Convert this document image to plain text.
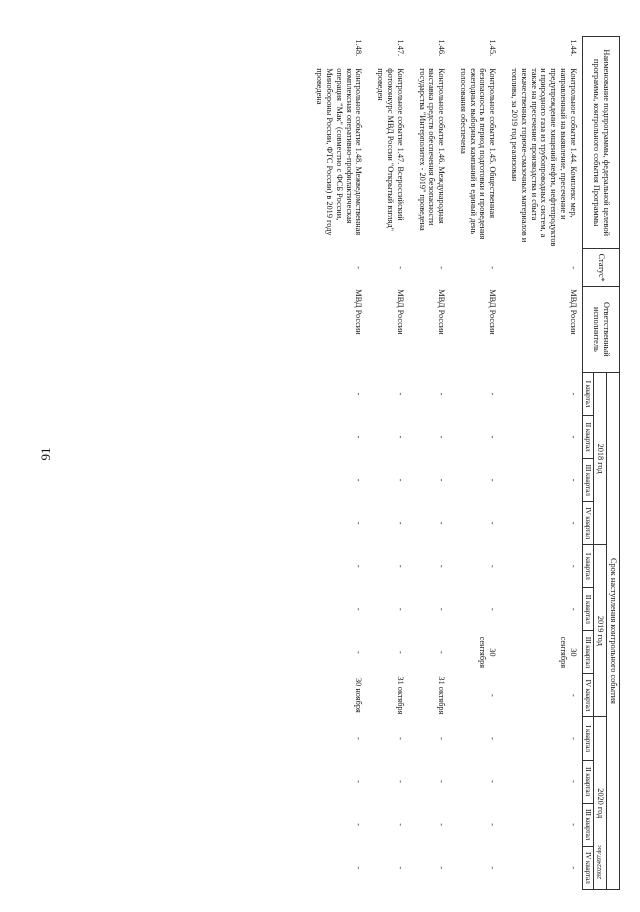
91
Наименование подпрограммы, федеральной целевой программы, контрольного события Программы		Статус*	Ответственный исполнитель	Срок наступления контрольного события											
				2018 год				2019 год				2020 год			
				I квартал	II квартал	III квартал	IV квартал	I квартал	II квартал	III квартал	IV квартал	I квартал	II квартал	III квартал	IV квартал
1.44.	Контрольное событие 1.44. Комплекс мер, направленный на выявление, пресечение и предупреждение хищений нефти, нефтепродуктов и природного газа из трубопроводных систем, а также на пресечение производства и сбыта некачественных горюче-смазочных материалов и топлива, за 2019 год реализован	-	МВД России	-	-	-	-	-	-	30 сентября	-	-	-	-	-
1.45.	Контрольное событие 1.45. Общественная безопасность в период подготовки и проведения ежегодных выборных кампаний в единый день голосования обеспечена	-	МВД России	-	-	-	-	-	-	30 сентября	-	-	-	-	-
1.46.	Контрольное событие 1.46. Международная выставка средств обеспечения безопасности государства "Интерполитех - 2019" проведена	-	МВД России	-	-	-	-	-	-	-	31 октября	-	-	-	-
1.47.	Контрольное событие 1.47. Всероссийский фотоконкурс МВД России "Открытый взгляд" проведен	-	МВД России	-	-	-	-	-	-	-	31 октября	-	-	-	-
1.48.	Контрольное событие 1.48. Межведомственная комплексная оперативно-профилактическая операция "Мак" (совместно с ФСБ России, Минобороны России, ФТС России) в 2019 году проведена	-	МВД России	-	-	-	-	-	-	-	30 ноября	-	-	-	-	28022497.doc
